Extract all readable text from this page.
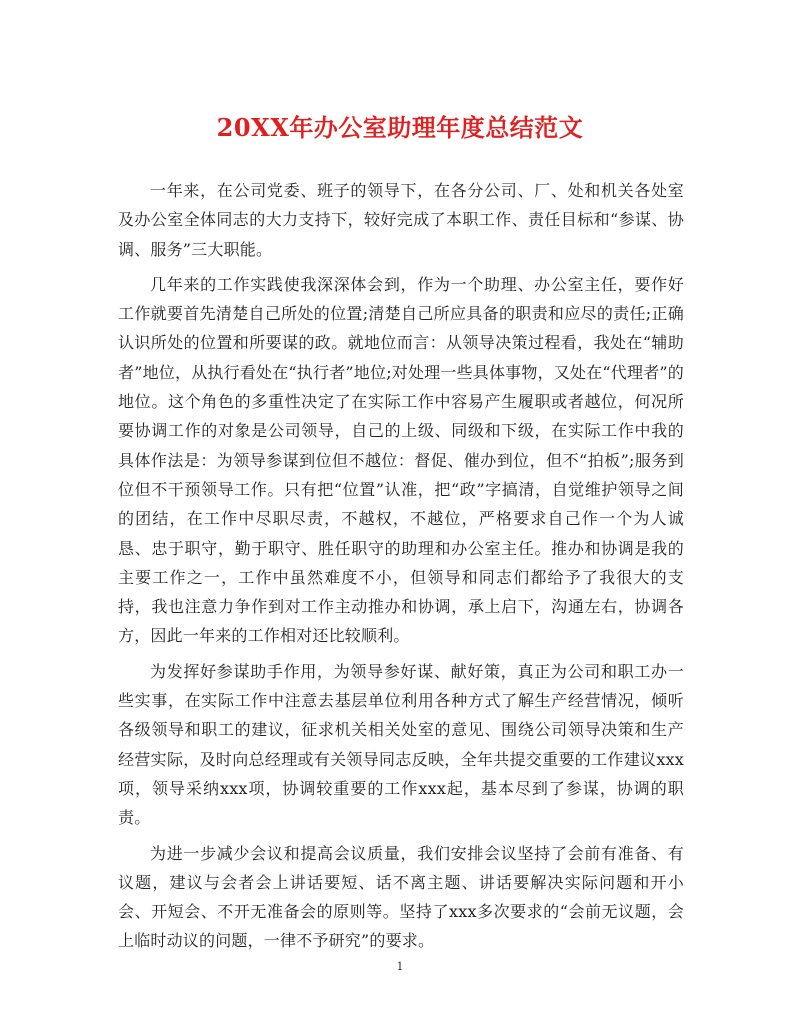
20XX年办公室助理年度总结范文

一年来，在公司党委、班子的领导下，在各分公司、厂、处和机关各处室及办公室全体同志的大力支持下，较好完成了本职工作、责任目标和“参谋、协调、服务”三大职能。

几年来的工作实践使我深深体会到，作为一个助理、办公室主任，要作好工作就要首先清楚自己所处的位置;清楚自己所应具备的职责和应尽的责任;正确认识所处的位置和所要谋的政。就地位而言：从领导决策过程看，我处在“辅助者”地位，从执行看处在“执行者”地位;对处理一些具体事物，又处在“代理者”的地位。这个角色的多重性决定了在实际工作中容易产生履职或者越位，何况所要协调工作的对象是公司领导，自己的上级、同级和下级，在实际工作中我的具体作法是：为领导参谋到位但不越位：督促、催办到位，但不“拍板”;服务到位但不干预领导工作。只有把“位置”认准，把“政”字搞清，自觉维护领导之间的团结，在工作中尽职尽责，不越权，不越位，严格要求自己作一个为人诚恳、忠于职守，勤于职守、胜任职守的助理和办公室主任。推办和协调是我的主要工作之一，工作中虽然难度不小，但领导和同志们都给予了我很大的支持，我也注意力争作到对工作主动推办和协调，承上启下，沟通左右，协调各方，因此一年来的工作相对还比较顺利。

为发挥好参谋助手作用，为领导参好谋、献好策，真正为公司和职工办一些实事，在实际工作中注意去基层单位利用各种方式了解生产经营情况，倾听各级领导和职工的建议，征求机关相关处室的意见、围绕公司领导决策和生产经营实际，及时向总经理或有关领导同志反映，全年共提交重要的工作建议xxx项，领导采纳xxx项，协调较重要的工作xxx起，基本尽到了参谋，协调的职责。

为进一步减少会议和提高会议质量，我们安排会议坚持了会前有准备、有议题，建议与会者会上讲话要短、话不离主题、讲话要解决实际问题和开小会、开短会、不开无准备会的原则等。坚持了xxx多次要求的“会前无议题，会上临时动议的问题，一律不予研究”的要求。

1
